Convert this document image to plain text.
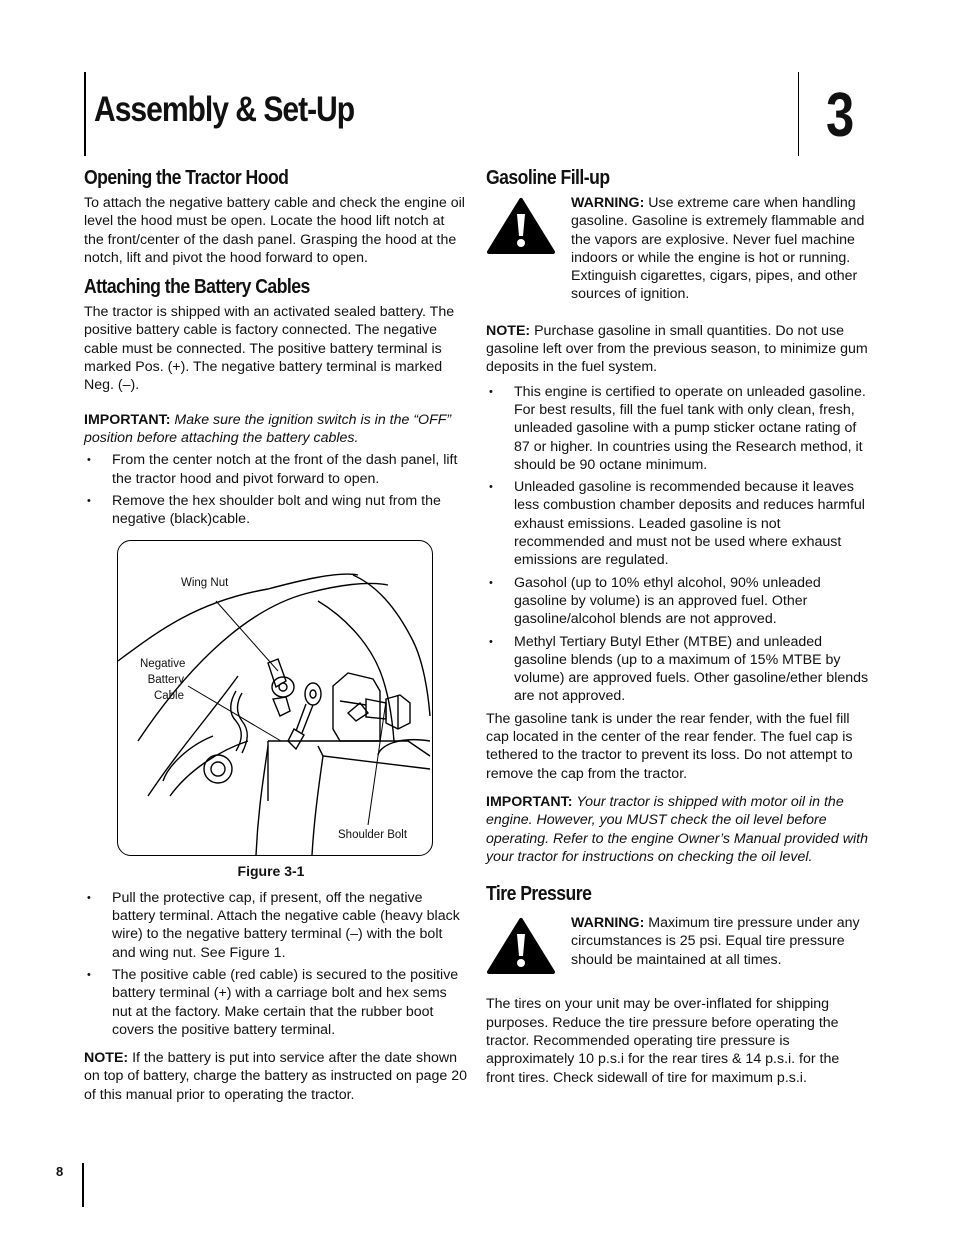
Assembly & Set-Up	3
Opening the Tractor Hood

To attach the negative battery cable and check the engine oil level the hood must be open. Locate the hood lift notch at the front/center of the dash panel. Grasping the hood at the notch, lift and pivot the hood forward to open.

Attaching the Battery Cables

The tractor is shipped with an activated sealed battery. The positive battery cable is factory connected. The negative cable must be connected. The positive battery terminal is marked Pos. (+). The negative battery terminal is marked Neg. (–).

IMPORTANT: Make sure the ignition switch is in the “OFF” position before attaching the battery cables.

• From the center notch at the front of the dash panel, lift the tractor hood and pivot forward to open.
• Remove the hex shoulder bolt and wing nut from the negative (black)cable.
Wing Nut
Negative
Battery
Cable
Shoulder Bolt
Figure 3-1
• Pull the protective cap, if present, off the negative battery terminal. Attach the negative cable (heavy black wire) to the negative battery terminal (–) with the bolt and wing nut. See Figure 1.
• The positive cable (red cable) is secured to the positive battery terminal (+) with a carriage bolt and hex sems nut at the factory. Make certain that the rubber boot covers the positive battery terminal.

NOTE: If the battery is put into service after the date shown on top of battery, charge the battery as instructed on page 20 of this manual prior to operating the tractor.

Gasoline Fill-up

WARNING: Use extreme care when handling gasoline. Gasoline is extremely flammable and the vapors are explosive. Never fuel machine indoors or while the engine is hot or running. Extinguish cigarettes, cigars, pipes, and other sources of ignition.

NOTE: Purchase gasoline in small quantities. Do not use gasoline left over from the previous season, to minimize gum deposits in the fuel system.

• This engine is certified to operate on unleaded gasoline. For best results, fill the fuel tank with only clean, fresh, unleaded gasoline with a pump sticker octane rating of 87 or higher. In countries using the Research method, it should be 90 octane minimum.
• Unleaded gasoline is recommended because it leaves less combustion chamber deposits and reduces harmful exhaust emissions. Leaded gasoline is not recommended and must not be used where exhaust emissions are regulated.
• Gasohol (up to 10% ethyl alcohol, 90% unleaded gasoline by volume) is an approved fuel. Other gasoline/alcohol blends are not approved.
• Methyl Tertiary Butyl Ether (MTBE) and unleaded gasoline blends (up to a maximum of 15% MTBE by volume) are approved fuels. Other gasoline/ether blends are not approved.

The gasoline tank is under the rear fender, with the fuel fill cap located in the center of the rear fender. The fuel cap is tethered to the tractor to prevent its loss. Do not attempt to remove the cap from the tractor.

IMPORTANT: Your tractor is shipped with motor oil in the engine. However, you MUST check the oil level before operating. Refer to the engine Owner’s Manual provided with your tractor for instructions on checking the oil level.

Tire Pressure

WARNING: Maximum tire pressure under any circumstances is 25 psi. Equal tire pressure should be maintained at all times.

The tires on your unit may be over-inflated for shipping purposes. Reduce the tire pressure before operating the tractor. Recommended operating tire pressure is approximately 10 p.s.i for the rear tires & 14 p.s.i. for the front tires. Check sidewall of tire for maximum p.s.i.

8
